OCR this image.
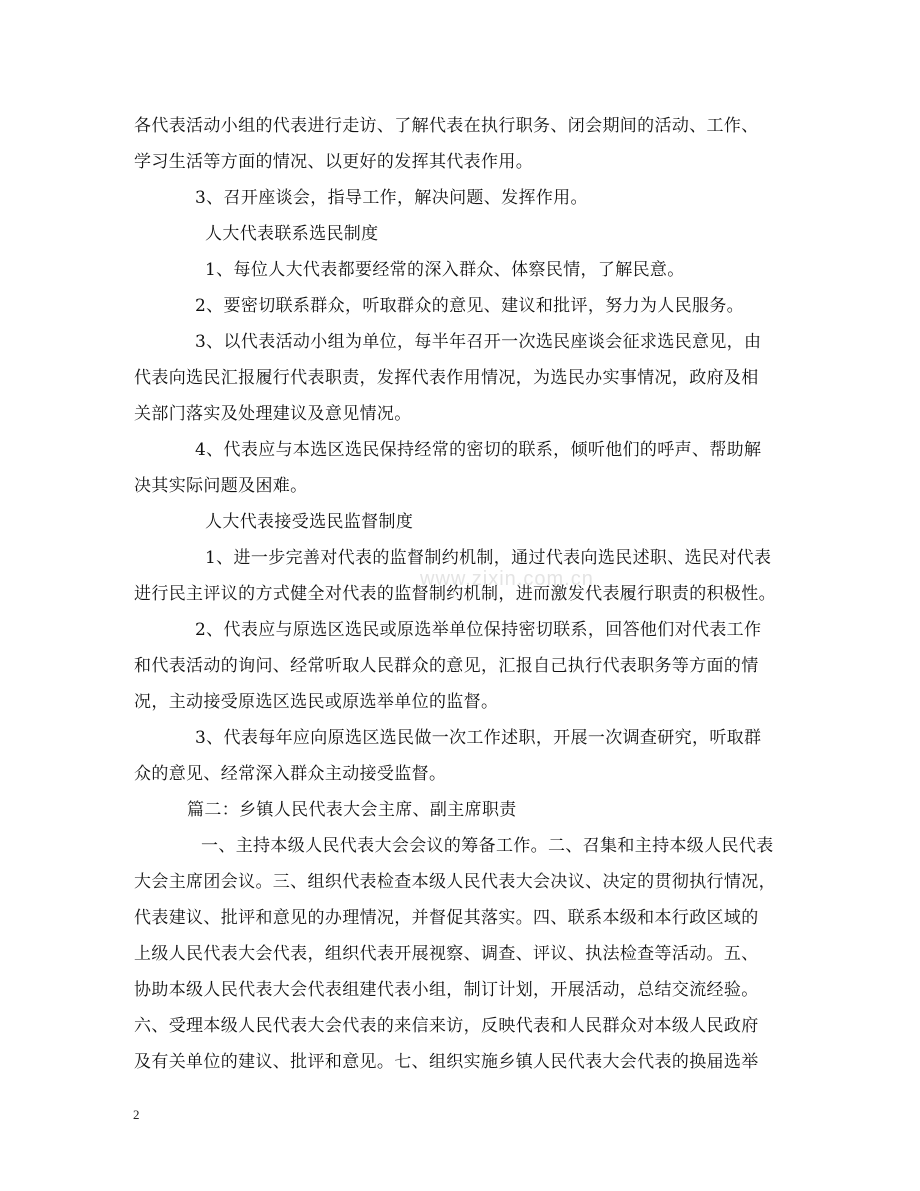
各代表活动小组的代表进行走访、了解代表在执行职务、闭会期间的活动、工作、
学习生活等方面的情况、以更好的发挥其代表作用。
3、召开座谈会，指导工作，解决问题、发挥作用。
人大代表联系选民制度
1、每位人大代表都要经常的深入群众、体察民情，了解民意。
2、要密切联系群众，听取群众的意见、建议和批评，努力为人民服务。
3、以代表活动小组为单位，每半年召开一次选民座谈会征求选民意见，由
代表向选民汇报履行代表职责，发挥代表作用情况，为选民办实事情况，政府及相
关部门落实及处理建议及意见情况。
4、代表应与本选区选民保持经常的密切的联系，倾听他们的呼声、帮助解
决其实际问题及困难。
人大代表接受选民监督制度
1、进一步完善对代表的监督制约机制，通过代表向选民述职、选民对代表
进行民主评议的方式健全对代表的监督制约机制，进而激发代表履行职责的积极性。
2、代表应与原选区选民或原选举单位保持密切联系，回答他们对代表工作
和代表活动的询问、经常听取人民群众的意见，汇报自己执行代表职务等方面的情
况，主动接受原选区选民或原选举单位的监督。
3、代表每年应向原选区选民做一次工作述职，开展一次调查研究，听取群
众的意见、经常深入群众主动接受监督。
篇二：乡镇人民代表大会主席、副主席职责
一、主持本级人民代表大会会议的筹备工作。二、召集和主持本级人民代表
大会主席团会议。三、组织代表检查本级人民代表大会决议、决定的贯彻执行情况，
代表建议、批评和意见的办理情况，并督促其落实。四、联系本级和本行政区域的
上级人民代表大会代表，组织代表开展视察、调查、评议、执法检查等活动。五、
协助本级人民代表大会代表组建代表小组，制订计划，开展活动，总结交流经验。
六、受理本级人民代表大会代表的来信来访，反映代表和人民群众对本级人民政府
及有关单位的建议、批评和意见。七、组织实施乡镇人民代表大会代表的换届选举
www.zixin.com.cn
2
